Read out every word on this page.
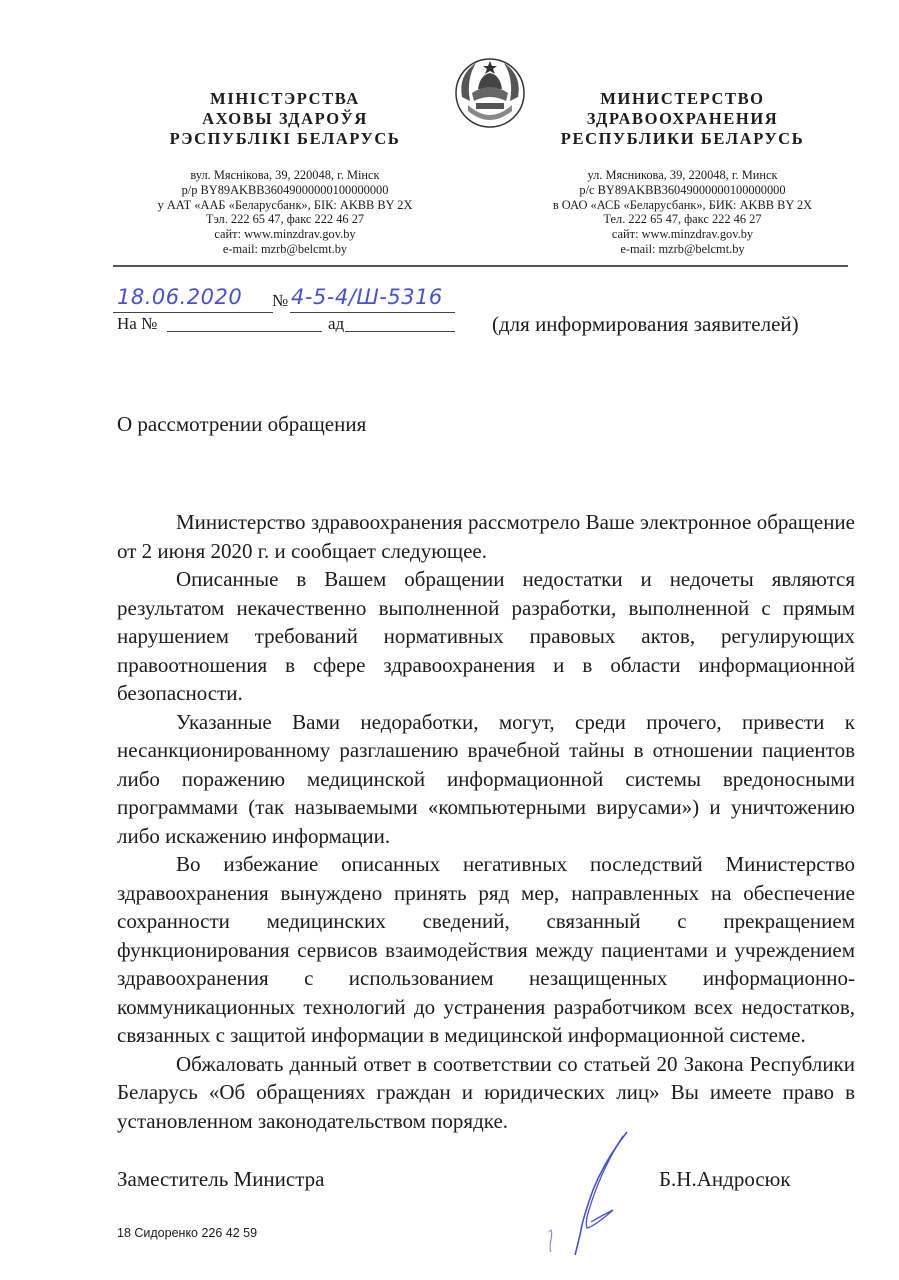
МІНІСТЭРСТВА
АХОВЫ ЗДАРОЎЯ
РЭСПУБЛІКІ БЕЛАРУСЬ
вул. Мяснікова, 39, 220048, г. Мінск
р/р BY89AKBB36049000000100000000
у ААТ «ААБ «Беларусбанк», БІК: AKBB BY 2X
Тэл. 222 65 47, факс 222 46 27
сайт: www.minzdrav.gov.by
e-mail: mzrb@belcmt.by
МИНИСТЕРСТВО
ЗДРАВООХРАНЕНИЯ
РЕСПУБЛИКИ БЕЛАРУСЬ
ул. Мясникова, 39, 220048, г. Минск
р/с BY89AKBB36049000000100000000
в ОАО «АСБ «Беларусбанк», БИК: AKBB BY 2X
Тел. 222 65 47, факс 222 46 27
сайт: www.minzdrav.gov.by
e-mail: mzrb@belcmt.by
18.06.2020 № 4-5-4/Ш-5316
На №	ад	(для информирования заявителей)
О рассмотрении обращения

Министерство здравоохранения рассмотрело Ваше электронное обращение от 2 июня 2020 г. и сообщает следующее.

Описанные в Вашем обращении недостатки и недочеты являются результатом некачественно выполненной разработки, выполненной с прямым нарушением требований нормативных правовых актов, регулирующих правоотношения в сфере здравоохранения и в области информационной безопасности.

Указанные Вами недоработки, могут, среди прочего, привести к несанкционированному разглашению врачебной тайны в отношении пациентов либо поражению медицинской информационной системы вредоносными программами (так называемыми «компьютерными вирусами») и уничтожению либо искажению информации.

Во избежание описанных негативных последствий Министерство здравоохранения вынуждено принять ряд мер, направленных на обеспечение сохранности медицинских сведений, связанный с прекращением функционирования сервисов взаимодействия между пациентами и учреждением здравоохранения с использованием незащищенных информационно-коммуникационных технологий до устранения разработчиком всех недостатков, связанных с защитой информации в медицинской информационной системе.

Обжаловать данный ответ в соответствии со статьей 20 Закона Республики Беларусь «Об обращениях граждан и юридических лиц» Вы имеете право в установленном законодательством порядке.

Заместитель Министра	Б.Н.Андросюк
18 Сидоренко 226 42 59
